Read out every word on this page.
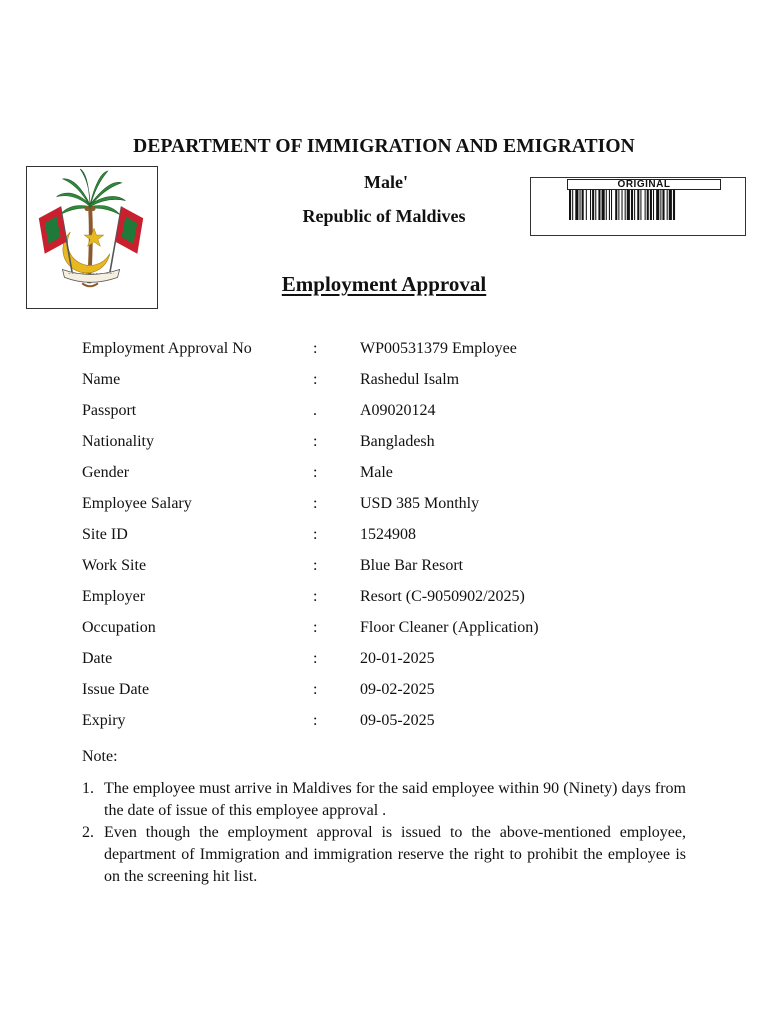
DEPARTMENT OF IMMIGRATION AND EMIGRATION
Male'
Republic of Maldives
Employment Approval
ORIGINAL
Employment Approval No	:	WP00531379 Employee
Name	:	Rashedul Isalm
Passport	.	A09020124
Nationality	:	Bangladesh
Gender	:	Male
Employee Salary	:	USD 385 Monthly
Site ID	:	1524908
Work Site	:	Blue Bar Resort
Employer	:	Resort (C-9050902/2025)
Occupation	:	Floor Cleaner (Application)
Date	:	20-01-2025
Issue Date	:	09-02-2025
Expiry	:	09-05-2025
Note:
1. The employee must arrive in Maldives for the said employee within 90 (Ninety) days from the date of issue of this employee approval .
2. Even though the employment approval is issued to the above-mentioned employee, department of Immigration and immigration reserve the right to prohibit the employee is on the screening hit list.
